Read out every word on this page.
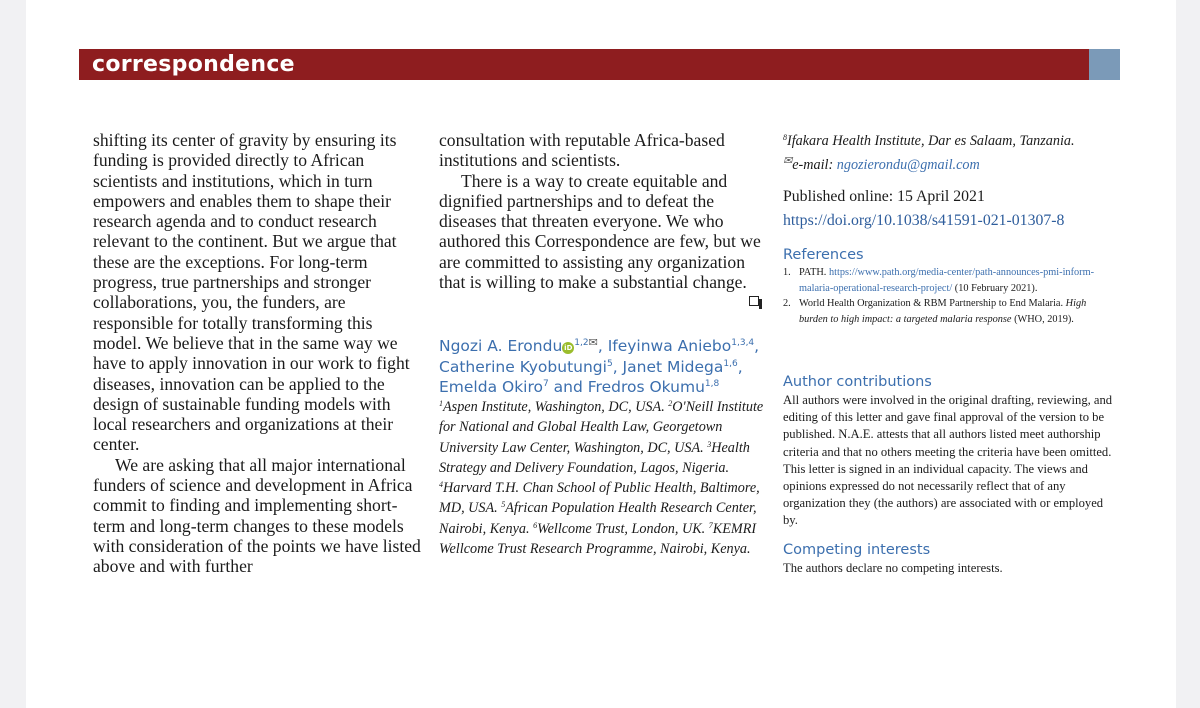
correspondence

shifting its center of gravity by ensuring its funding is provided directly to African scientists and institutions, which in turn empowers and enables them to shape their research agenda and to conduct research relevant to the continent. But we argue that these are the exceptions. For long-term progress, true partnerships and stronger collaborations, you, the funders, are responsible for totally transforming this model. We believe that in the same way we have to apply innovation in our work to fight diseases, innovation can be applied to the design of sustainable funding models with local researchers and organizations at their center.

We are asking that all major international funders of science and development in Africa commit to finding and implementing short-term and long-term changes to these models with consideration of the points we have listed above and with further

consultation with reputable Africa-based institutions and scientists.

There is a way to create equitable and dignified partnerships and to defeat the diseases that threaten everyone. We who authored this Correspondence are few, but we are committed to assisting any organization that is willing to make a substantial change.

Ngozi A. Erondu iD $^{1,2✉}$, Ifeyinwa Aniebo$^{1,3,4}$, Catherine Kyobutungi$^5$, Janet Midega$^{1,6}$, Emelda Okiro$^7$ and Fredros Okumu$^{1,8}$
$^1$Aspen Institute, Washington, DC, USA. $^2$O'Neill Institute for National and Global Health Law, Georgetown University Law Center, Washington, DC, USA. $^3$Health Strategy and Delivery Foundation, Lagos, Nigeria. $^4$Harvard T.H. Chan School of Public Health, Baltimore, MD, USA. $^5$African Population Health Research Center, Nairobi, Kenya. $^6$Wellcome Trust, London, UK. $^7$KEMRI Wellcome Trust Research Programme, Nairobi, Kenya.
$^8$Ifakara Health Institute, Dar es Salaam, Tanzania.
✉e-mail: ngozierondu@gmail.com
Published online: 15 April 2021
https://doi.org/10.1038/s41591-021-01307-8
References
1. PATH. https://www.path.org/media-center/path-announces-pmi-inform-malaria-operational-research-project/ (10 February 2021).
2. World Health Organization & RBM Partnership to End Malaria. High burden to high impact: a targeted malaria response (WHO, 2019).
Author contributions
All authors were involved in the original drafting, reviewing, and editing of this letter and gave final approval of the version to be published. N.A.E. attests that all authors listed meet authorship criteria and that no others meeting the criteria have been omitted. This letter is signed in an individual capacity. The views and opinions expressed do not necessarily reflect that of any organization they (the authors) are associated with or employed by.
Competing interests
The authors declare no competing interests.
